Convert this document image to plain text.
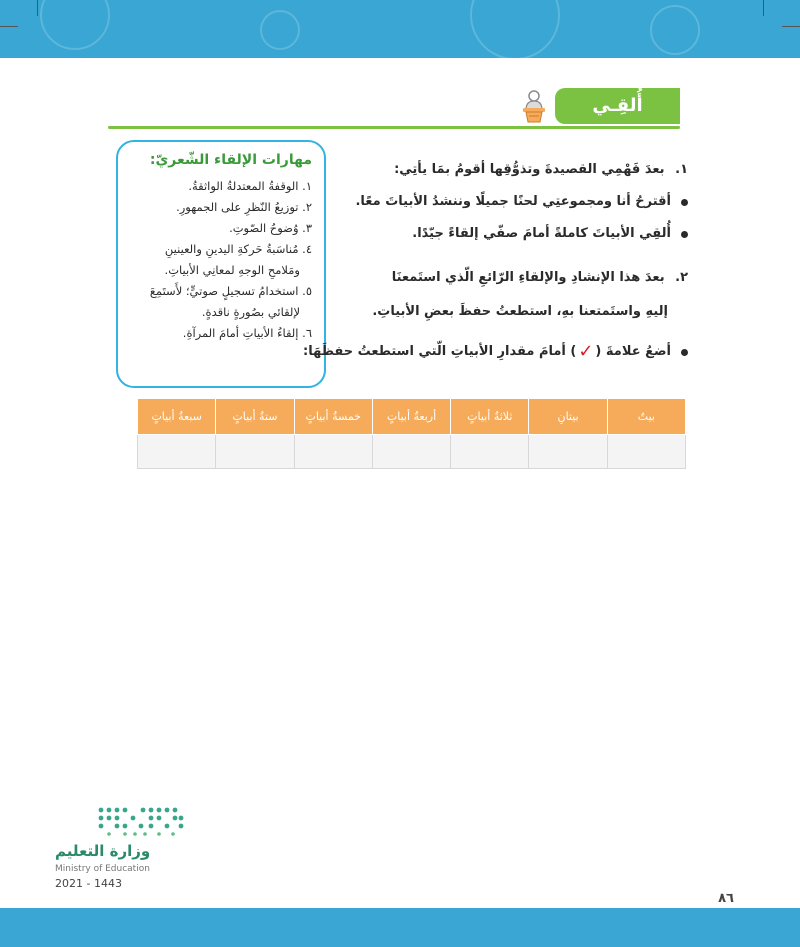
أُلقِـي
مهارات الإلقاء الشّعريّ:
١. الوقفةُ المعتدلةُ الواثقةُ.
٢. توزيعُ النّظرِ على الجمهورِ.
٣. وُضوحُ الصّوتِ.
٤. مُناسَبةُ حَركةِ اليدينِ والعينينِ
ومَلامحِ الوجهِ لمعانِي الأبياتِ.
٥. استخدامُ تسجيلٍ صوتيٍّ؛ لأَستَمِعَ
لإلقائي بصُورةٍ ناقدةٍ.
٦. إلقاءُ الأبياتِ أمامَ المرآةِ.
١. بعدَ فَهْمِي القصيدةَ وتذوُّقِها أقومُ بمَا يأتِي:
أقترحُ أنا ومجموعتِي لحنًا جميلًا وننشدُ الأبياتَ معًا.
أُلقِي الأبياتَ كاملةً أمامَ صفّي إلقاءً جيّدًا.
٢. بعدَ هذا الإنشادِ والإلقاءِ الرّائعِ الّذي استَمعنَا
إليهِ واستَمتعنا بهِ، استطعتُ حفظَ بعضِ الأبياتِ.
أضعُ علامةَ (
✓
) أمامَ مقدارِ الأبياتِ الّتي استطعتُ حفظَهَا:
بيتٌ	بيتانِ	ثلاثةُ أبياتٍ	أربعةُ أبياتٍ	خمسةُ أبياتٍ	ستةُ أبياتٍ	سبعةُ أبياتٍ

وزارة التعليم
Ministry of Education
2021 - 1443
٨٦
